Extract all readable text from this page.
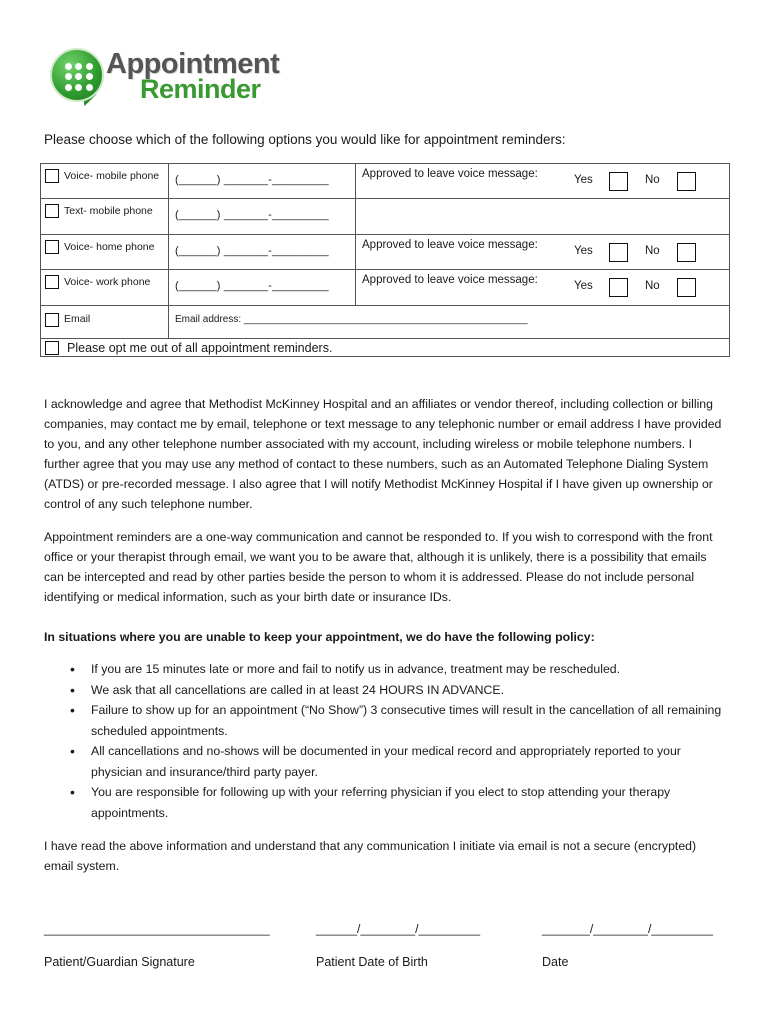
Appointment
Reminder
Please choose which of the following options you would like for appointment reminders:
Voice- mobile phone	(______) _______-_________	Approved to leave voice message: Yes No

Text- mobile phone	(______) _______-_________	

Voice- home phone	(______) _______-_________	Approved to leave voice message: Yes No

Voice- work phone	(______) _______-_________	Approved to leave voice message: Yes No

Email	Email address: ___________________________________________________	

Please opt me out of all appointment reminders.		
I acknowledge and agree that Methodist McKinney Hospital and an affiliates or vendor thereof, including collection or billing companies, may contact me by email, telephone or text message to any telephonic number or email address I have provided to you, and any other telephone number associated with my account, including wireless or mobile telephone numbers. I further agree that you may use any method of contact to these numbers, such as an Automated Telephone Dialing System (ATDS) or pre-recorded message. I also agree that I will notify Methodist McKinney Hospital if I have given up ownership or control of any such telephone number.
Appointment reminders are a one-way communication and cannot be responded to. If you wish to correspond with the front office or your therapist through email, we want you to be aware that, although it is unlikely, there is a possibility that emails can be intercepted and read by other parties beside the person to whom it is addressed. Please do not include personal identifying or medical information, such as your birth date or insurance IDs.
In situations where you are unable to keep your appointment, we do have the following policy:
•	If you are 15 minutes late or more and fail to notify us in advance, treatment may be rescheduled.
•	We ask that all cancellations are called in at least 24 HOURS IN ADVANCE.
•	Failure to show up for an appointment (“No Show”) 3 consecutive times will result in the cancellation of all remaining scheduled appointments.
•	All cancellations and no-shows will be documented in your medical record and appropriately reported to your physician and insurance/third party payer.
•	You are responsible for following up with your referring physician if you elect to stop attending your therapy appointments.
I have read the above information and understand that any communication I initiate via email is not a secure (encrypted) email system.
_________________________________	______/________/_________	_______/________/_________
Patient/Guardian Signature	Patient Date of Birth	Date
